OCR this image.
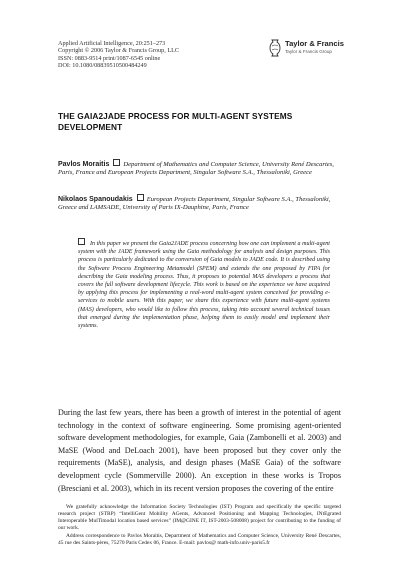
Applied Artificial Intelligence, 20:251–273
Copyright © 2006 Taylor & Francis Group, LLC
ISSN: 0883-9514 print/1087-6545 online
DOI: 10.1080/08839510500484249
Taylor & Francis
Taylor & Francis Group
THE GAIA2JADE PROCESS FOR MULTI-AGENT SYSTEMS DEVELOPMENT
Pavlos Moraitis Department of Mathematics and Computer Science, University René Descartes, Paris, France and European Projects Department, Singular Software S.A., Thessaloniki, Greece
Nikolaos Spanoudakis European Projects Department, Singular Software S.A., Thessaloniki, Greece and LAMSADE, University of Paris IX-Dauphine, Paris, France
In this paper we present the Gaia2JADE process concerning how one can implement a multi-agent system with the JADE framework using the Gaia methodology for analysis and design purposes. This process is particularly dedicated to the conversion of Gaia models to JADE code. It is described using the Software Process Engineering Metamodel (SPEM) and extends the one proposed by FIPA for describing the Gaia modeling process. Thus, it proposes to potential MAS developers a process that covers the full software development lifecycle. This work is based on the experience we have acquired by applying this process for implementing a real-word multi-agent system conceived for providing e-services to mobile users. With this paper, we share this experience with future multi-agent systems (MAS) developers, who would like to follow this process, taking into account several technical issues that emerged during the implementation phase, helping them to easily model and implement their systems.

During the last few years, there has been a growth of interest in the potential of agent technology in the context of software engineering. Some promising agent-oriented software development methodologies, for example, Gaia (Zambonelli et al. 2003) and MaSE (Wood and DeLoach 2001), have been proposed but they cover only the requirements (MaSE), analysis, and design phases (MaSE Gaia) of the software development cycle (Sommerville 2000). An exception in these works is Tropos (Bresciani et al. 2003), which in its recent version proposes the covering of the entire

We gratefully acknowledge the Information Society Technologies (IST) Program and specifically the specific targeted research project (STRP) “IntelliGent Mobility AGents, Advanced Positioning and Mapping Technologies, INtEgrated Interoperable MulTimodal location based services” (IM@GINE IT, IST-2003-508008) project for contributing to the funding of our work.

Address correspondence to Pavlos Moraitis, Department of Mathematics and Computer Science, University René Descartes, 45 rue des Saints-pères, 75270 Paris Cedex 06, France. E-mail: pavlos@ math-info.univ-paris5.fr
